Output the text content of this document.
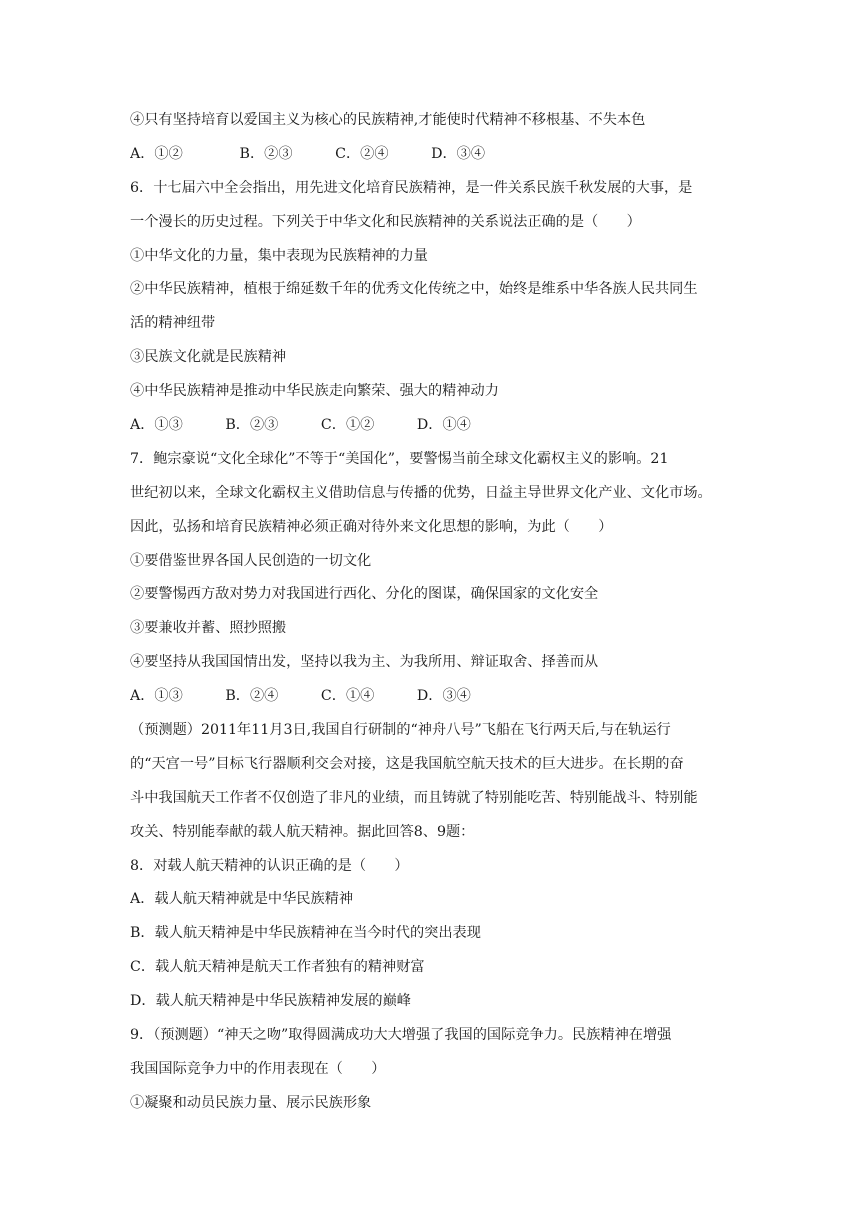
④只有坚持培育以爱国主义为核心的民族精神,才能使时代精神不移根基、不失本色
A．①②　　　　B．②③　　　C．②④　　　D．③④
6．十七届六中全会指出，用先进文化培育民族精神，是一件关系民族千秋发展的大事，是
一个漫长的历史过程。下列关于中华文化和民族精神的关系说法正确的是（　　）
①中华文化的力量，集中表现为民族精神的力量
②中华民族精神，植根于绵延数千年的优秀文化传统之中，始终是维系中华各族人民共同生
活的精神纽带
③民族文化就是民族精神
④中华民族精神是推动中华民族走向繁荣、强大的精神动力
A．①③　　　B．②③　　　C．①②　　　D．①④
7．鲍宗豪说“文化全球化”不等于“美国化”，要警惕当前全球文化霸权主义的影响。21
世纪初以来，全球文化霸权主义借助信息与传播的优势，日益主导世界文化产业、文化市场。
因此，弘扬和培育民族精神必须正确对待外来文化思想的影响，为此（　　）
①要借鉴世界各国人民创造的一切文化
②要警惕西方敌对势力对我国进行西化、分化的图谋，确保国家的文化安全
③要兼收并蓄、照抄照搬
④要坚持从我国国情出发，坚持以我为主、为我所用、辩证取舍、择善而从
A．①③　　　B．②④　　　C．①④　　　D．③④
（预测题）2011年11月3日,我国自行研制的“神舟八号”飞船在飞行两天后,与在轨运行
的“天宫一号”目标飞行器顺利交会对接，这是我国航空航天技术的巨大进步。在长期的奋
斗中我国航天工作者不仅创造了非凡的业绩，而且铸就了特别能吃苦、特别能战斗、特别能
攻关、特别能奉献的载人航天精神。据此回答8、9题：
8．对载人航天精神的认识正确的是（　　）
A．载人航天精神就是中华民族精神
B．载人航天精神是中华民族精神在当今时代的突出表现
C．载人航天精神是航天工作者独有的精神财富
D．载人航天精神是中华民族精神发展的巅峰
9．（预测题）“神天之吻”取得圆满成功大大增强了我国的国际竞争力。民族精神在增强
我国国际竞争力中的作用表现在（　　）
①凝聚和动员民族力量、展示民族形象
